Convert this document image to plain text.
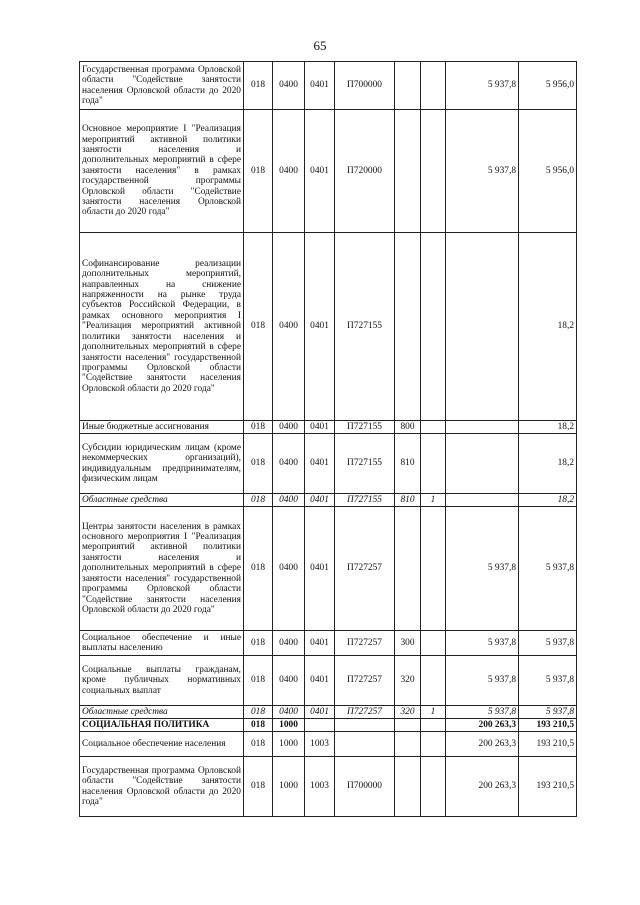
65
Государственная программа Орловской области "Содействие занятости населения Орловской области до 2020 года"	018	0400	0401	П700000			5 937,8	5 956,0
Основное мероприятие I "Реализация мероприятий активной политики занятости населения и дополнительных мероприятий в сфере занятости населения" в рамках государственной программы Орловской области "Содействие занятости населения Орловской области до 2020 года"	018	0400	0401	П720000			5 937,8	5 956,0
Софинансирование реализации дополнительных мероприятий, направленных на снижение напряженности на рынке труда субъектов Российской Федерации, в рамках основного мероприятия I "Реализация мероприятий активной политики занятости населения и дополнительных мероприятий в сфере занятости населения" государственной программы Орловской области "Содействие занятости населения Орловской области до 2020 года"	018	0400	0401	П727155				18,2
Иные бюджетные ассигнования	018	0400	0401	П727155	800			18,2
Субсидии юридическим лицам (кроме некоммерческих организаций), индивидуальным предпринимателям, физическим лицам	018	0400	0401	П727155	810			18,2
Областные средства	018	0400	0401	П727155	810	1		18,2
Центры занятости населения в рамках основного мероприятия I "Реализация мероприятий активной политики занятости населения и дополнительных мероприятий в сфере занятости населения" государственной программы Орловской области "Содействие занятости населения Орловской области до 2020 года"	018	0400	0401	П727257			5 937,8	5 937,8
Социальное обеспечение и иные выплаты населению	018	0400	0401	П727257	300		5 937,8	5 937,8
Социальные выплаты гражданам, кроме публичных нормативных социальных выплат	018	0400	0401	П727257	320		5 937,8	5 937,8
Областные средства	018	0400	0401	П727257	320	1	5 937,8	5 937,8
СОЦИАЛЬНАЯ ПОЛИТИКА	018	1000					200 263,3	193 210,5
Социальное обеспечение населения	018	1000	1003				200 263,3	193 210,5
Государственная программа Орловской области "Содействие занятости населения Орловской области до 2020 года"	018	1000	1003	П700000			200 263,3	193 210,5
